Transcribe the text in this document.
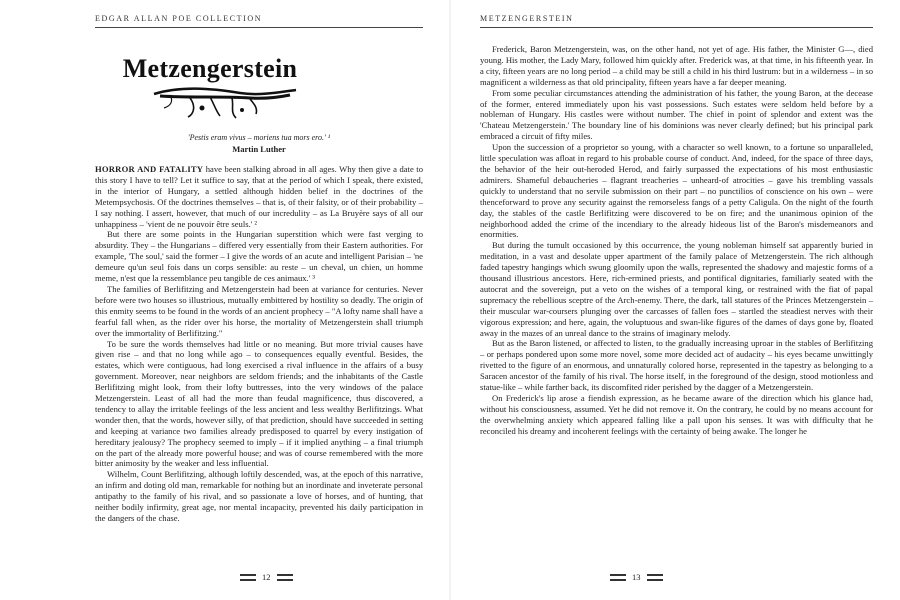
EDGAR ALLAN POE COLLECTION
Metzengerstein
'Pestis eram vivus – moriens tua mors ero.' ¹
Martin Luther

HORROR AND FATALITY have been stalking abroad in all ages. Why then give a date to this story I have to tell? Let it suffice to say, that at the period of which I speak, there existed, in the interior of Hungary, a settled although hidden belief in the doctrines of the Metempsychosis. Of the doctrines themselves – that is, of their falsity, or of their probability – I say nothing. I assert, however, that much of our incredulity – as La Bruyère says of all our unhappiness – 'vient de ne pouvoir être seuls.' ²

But there are some points in the Hungarian superstition which were fast verging to absurdity. They – the Hungarians – differed very essentially from their Eastern authorities. For example, 'The soul,' said the former – I give the words of an acute and intelligent Parisian – 'ne demeure qu'un seul fois dans un corps sensible: au reste – un cheval, un chien, un homme meme, n'est que la ressemblance peu tangible de ces animaux.' ³

The families of Berlifitzing and Metzengerstein had been at variance for centuries. Never before were two houses so illustrious, mutually embittered by hostility so deadly. The origin of this enmity seems to be found in the words of an ancient prophecy – "A lofty name shall have a fearful fall when, as the rider over his horse, the mortality of Metzengerstein shall triumph over the immortality of Berlifitzing."

To be sure the words themselves had little or no meaning. But more trivial causes have given rise – and that no long while ago – to consequences equally eventful. Besides, the estates, which were contiguous, had long exercised a rival influence in the affairs of a busy government. Moreover, near neighbors are seldom friends; and the inhabitants of the Castle Berlifitzing might look, from their lofty buttresses, into the very windows of the palace Metzengerstein. Least of all had the more than feudal magnificence, thus discovered, a tendency to allay the irritable feelings of the less ancient and less wealthy Berlifitzings. What wonder then, that the words, however silly, of that prediction, should have succeeded in setting and keeping at variance two families already predisposed to quarrel by every instigation of hereditary jealousy? The prophecy seemed to imply – if it implied anything – a final triumph on the part of the already more powerful house; and was of course remembered with the more bitter animosity by the weaker and less influential.

Wilhelm, Count Berlifitzing, although loftily descended, was, at the epoch of this narrative, an infirm and doting old man, remarkable for nothing but an inordinate and inveterate personal antipathy to the family of his rival, and so passionate a love of horses, and of hunting, that neither bodily infirmity, great age, nor mental incapacity, prevented his daily participation in the dangers of the chase.

12
METZENGERSTEIN

Frederick, Baron Metzengerstein, was, on the other hand, not yet of age. His father, the Minister G—, died young. His mother, the Lady Mary, followed him quickly after. Frederick was, at that time, in his fifteenth year. In a city, fifteen years are no long period – a child may be still a child in his third lustrum: but in a wilderness – in so magnificent a wilderness as that old principality, fifteen years have a far deeper meaning.

From some peculiar circumstances attending the administration of his father, the young Baron, at the decease of the former, entered immediately upon his vast possessions. Such estates were seldom held before by a nobleman of Hungary. His castles were without number. The chief in point of splendor and extent was the 'Chateau Metzengerstein.' The boundary line of his dominions was never clearly defined; but his principal park embraced a circuit of fifty miles.

Upon the succession of a proprietor so young, with a character so well known, to a fortune so unparalleled, little speculation was afloat in regard to his probable course of conduct. And, indeed, for the space of three days, the behavior of the heir out-heroded Herod, and fairly surpassed the expectations of his most enthusiastic admirers. Shameful debaucheries – flagrant treacheries – unheard-of atrocities – gave his trembling vassals quickly to understand that no servile submission on their part – no punctilios of conscience on his own – were thenceforward to prove any security against the remorseless fangs of a petty Caligula. On the night of the fourth day, the stables of the castle Berlifitzing were discovered to be on fire; and the unanimous opinion of the neighborhood added the crime of the incendiary to the already hideous list of the Baron's misdemeanors and enormities.

But during the tumult occasioned by this occurrence, the young nobleman himself sat apparently buried in meditation, in a vast and desolate upper apartment of the family palace of Metzengerstein. The rich although faded tapestry hangings which swung gloomily upon the walls, represented the shadowy and majestic forms of a thousand illustrious ancestors. Here, rich-ermined priests, and pontifical dignitaries, familiarly seated with the autocrat and the sovereign, put a veto on the wishes of a temporal king, or restrained with the fiat of papal supremacy the rebellious sceptre of the Arch-enemy. There, the dark, tall statures of the Princes Metzengerstein – their muscular war-coursers plunging over the carcasses of fallen foes – startled the steadiest nerves with their vigorous expression; and here, again, the voluptuous and swan-like figures of the dames of days gone by, floated away in the mazes of an unreal dance to the strains of imaginary melody.

But as the Baron listened, or affected to listen, to the gradually increasing uproar in the stables of Berlifitzing – or perhaps pondered upon some more novel, some more decided act of audacity – his eyes became unwittingly rivetted to the figure of an enormous, and unnaturally colored horse, represented in the tapestry as belonging to a Saracen ancestor of the family of his rival. The horse itself, in the foreground of the design, stood motionless and statue-like – while farther back, its discomfited rider perished by the dagger of a Metzengerstein.

On Frederick's lip arose a fiendish expression, as he became aware of the direction which his glance had, without his consciousness, assumed. Yet he did not remove it. On the contrary, he could by no means account for the overwhelming anxiety which appeared falling like a pall upon his senses. It was with difficulty that he reconciled his dreamy and incoherent feelings with the certainty of being awake. The longer he

13
